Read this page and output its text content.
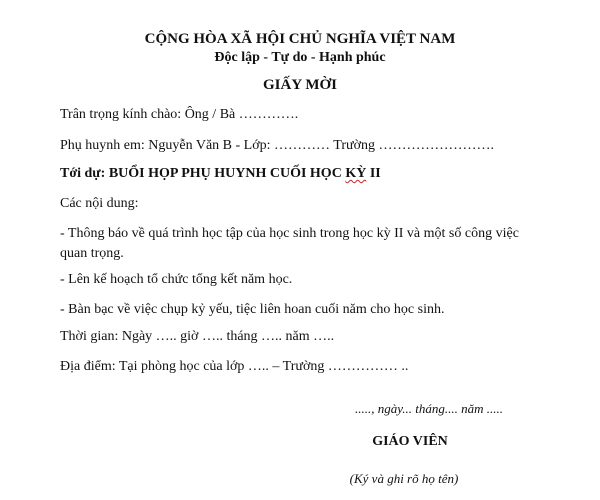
CỘNG HÒA XÃ HỘI CHỦ NGHĨA VIỆT NAM
Độc lập - Tự do - Hạnh phúc
GIẤY MỜI
Trân trọng kính chào: Ông / Bà ………….
Phụ huynh em: Nguyễn Văn B - Lớp: ………… Trường …………………….
Tới dự: BUỔI HỌP PHỤ HUYNH CUỐI HỌC KỲ II
Các nội dung:
- Thông báo về quá trình học tập của học sinh trong học kỳ II và một số công việc
quan trọng.
- Lên kế hoạch tổ chức tổng kết năm học.
- Bàn bạc về việc chụp kỷ yếu, tiệc liên hoan cuối năm cho học sinh.
Thời gian: Ngày ….. giờ ….. tháng ….. năm …..
Địa điểm: Tại phòng học của lớp ….. – Trường …………… ..
....., ngày... tháng.... năm .....
GIÁO VIÊN
(Ký và ghi rõ họ tên)
